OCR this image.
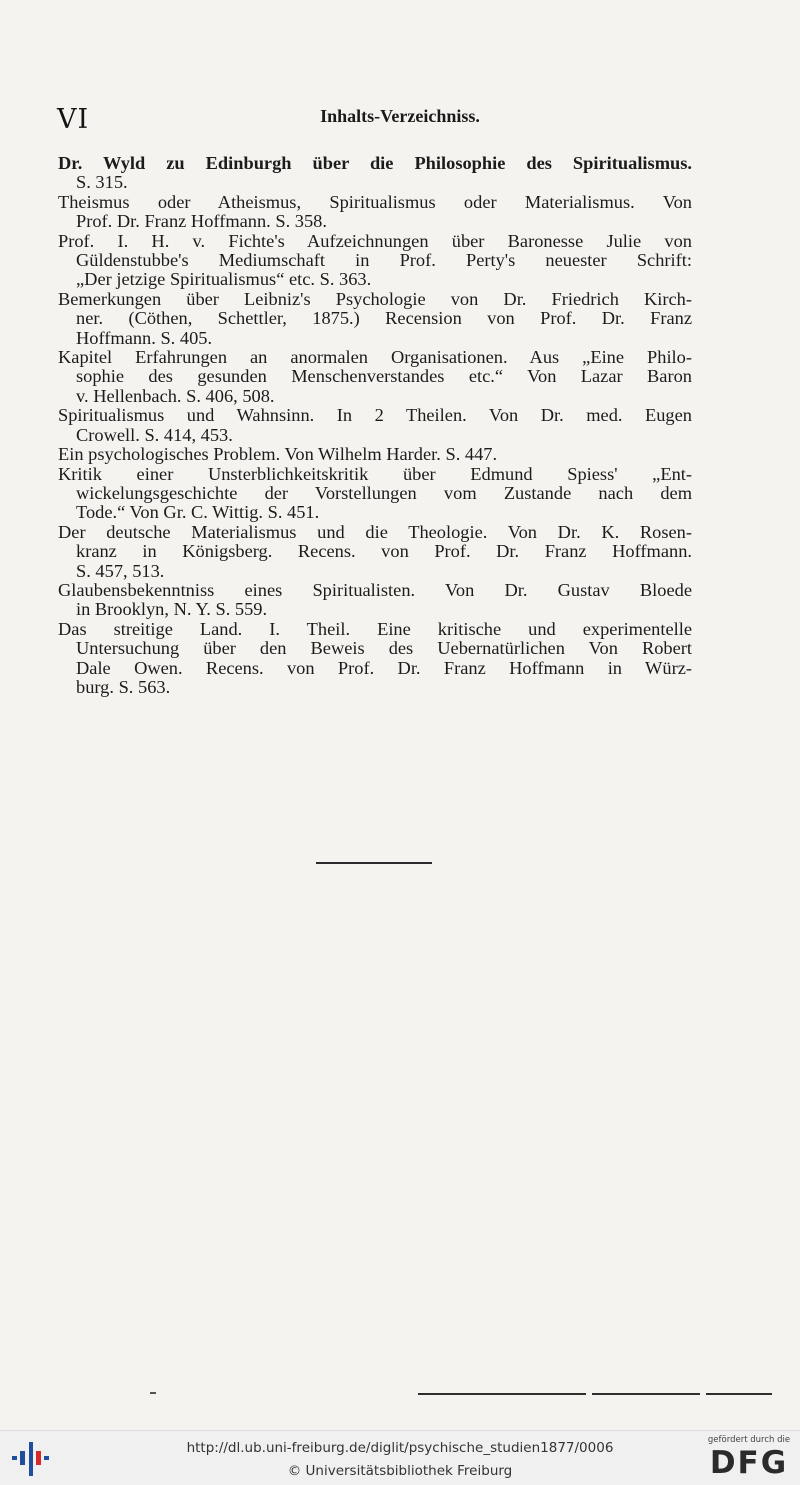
VI	Inhalts-Verzeichniss.
Dr. Wyld zu Edinburgh über die Philosophie des Spiritualismus.
S. 315.
Theismus oder Atheismus, Spiritualismus oder Materialismus. Von
Prof. Dr. Franz Hoffmann. S. 358.
Prof. I. H. v. Fichte's Aufzeichnungen über Baronesse Julie von
Güldenstubbe's Mediumschaft in Prof. Perty's neuester Schrift:
„Der jetzige Spiritualismus“ etc. S. 363.
Bemerkungen über Leibniz's Psychologie von Dr. Friedrich Kirch-
ner. (Cöthen, Schettler, 1875.) Recension von Prof. Dr. Franz
Hoffmann. S. 405.
Kapitel Erfahrungen an anormalen Organisationen. Aus „Eine Philo-
sophie des gesunden Menschenverstandes etc.“ Von Lazar Baron
v. Hellenbach. S. 406, 508.
Spiritualismus und Wahnsinn. In 2 Theilen. Von Dr. med. Eugen
Crowell. S. 414, 453.
Ein psychologisches Problem. Von Wilhelm Harder. S. 447.
Kritik einer Unsterblichkeitskritik über Edmund Spiess' „Ent-
wickelungsgeschichte der Vorstellungen vom Zustande nach dem
Tode.“ Von Gr. C. Wittig. S. 451.
Der deutsche Materialismus und die Theologie. Von Dr. K. Rosen-
kranz in Königsberg. Recens. von Prof. Dr. Franz Hoffmann.
S. 457, 513.
Glaubensbekenntniss eines Spiritualisten. Von Dr. Gustav Bloede
in Brooklyn, N. Y. S. 559.
Das streitige Land. I. Theil. Eine kritische und experimentelle
Untersuchung über den Beweis des Uebernatürlichen Von Robert
Dale Owen. Recens. von Prof. Dr. Franz Hoffmann in Würz-
burg. S. 563.
http://dl.ub.uni-freiburg.de/diglit/psychische_studien1877/0006
© Universitätsbibliothek Freiburg
gefördert durch die
DFG
